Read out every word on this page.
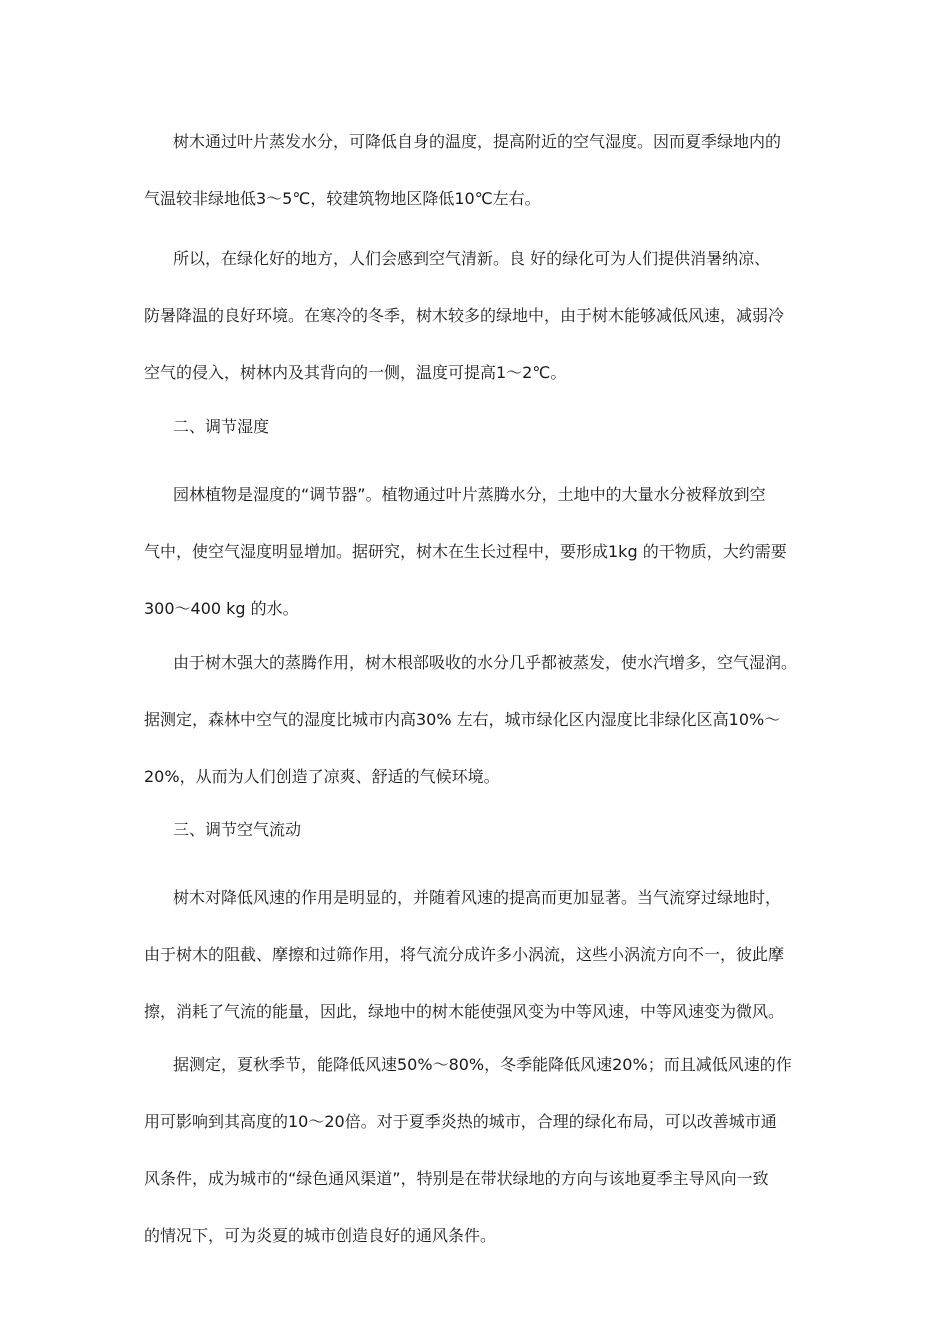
树木通过叶片蒸发水分，可降低自身的温度，提高附近的空气湿度。因而夏季绿地内的
气温较非绿地低3～5℃，较建筑物地区降低10℃左右。
所以，在绿化好的地方，人们会感到空气清新。良 好的绿化可为人们提供消暑纳凉、
防暑降温的良好环境。在寒冷的冬季，树木较多的绿地中，由于树木能够减低风速，减弱冷
空气的侵入，树林内及其背向的一侧，温度可提高1～2℃。
二、调节湿度
园林植物是湿度的“调节器”。植物通过叶片蒸腾水分，土地中的大量水分被释放到空
气中，使空气湿度明显增加。据研究，树木在生长过程中，要形成1kg 的干物质，大约需要
300～400 kg 的水。
由于树木强大的蒸腾作用，树木根部吸收的水分几乎都被蒸发，使水汽增多，空气湿润。
据测定，森林中空气的湿度比城市内高30% 左右，城市绿化区内湿度比非绿化区高10%～
20%，从而为人们创造了凉爽、舒适的气候环境。
三、调节空气流动
树木对降低风速的作用是明显的，并随着风速的提高而更加显著。当气流穿过绿地时，
由于树木的阻截、摩擦和过筛作用，将气流分成许多小涡流，这些小涡流方向不一，彼此摩
擦，消耗了气流的能量，因此，绿地中的树木能使强风变为中等风速，中等风速变为微风。
据测定，夏秋季节，能降低风速50%～80%，冬季能降低风速20%；而且减低风速的作
用可影响到其高度的10～20倍。对于夏季炎热的城市，合理的绿化布局，可以改善城市通
风条件，成为城市的“绿色通风渠道”，特别是在带状绿地的方向与该地夏季主导风向一致
的情况下，可为炎夏的城市创造良好的通风条件。
